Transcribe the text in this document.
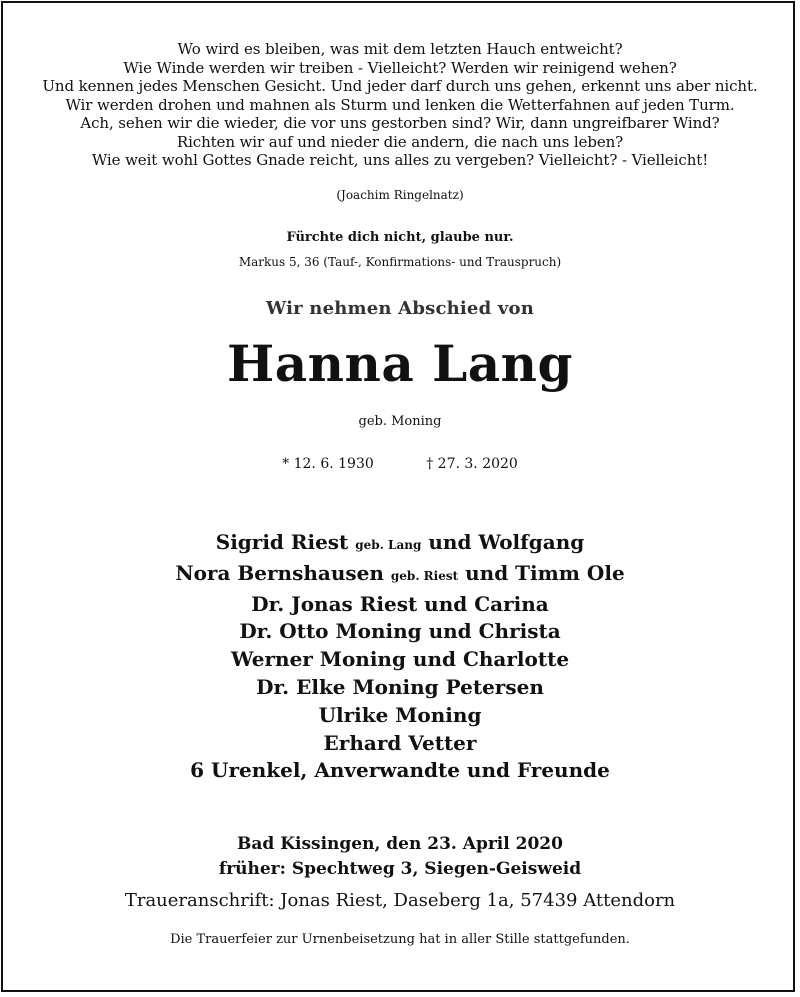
Wo wird es bleiben, was mit dem letzten Hauch entweicht?
Wie Winde werden wir treiben - Vielleicht? Werden wir reinigend wehen?
Und kennen jedes Menschen Gesicht. Und jeder darf durch uns gehen, erkennt uns aber nicht.
Wir werden drohen und mahnen als Sturm und lenken die Wetterfahnen auf jeden Turm.
Ach, sehen wir die wieder, die vor uns gestorben sind? Wir, dann ungreifbarer Wind?
Richten wir auf und nieder die andern, die nach uns leben?
Wie weit wohl Gottes Gnade reicht, uns alles zu vergeben? Vielleicht? - Vielleicht!
(Joachim Ringelnatz)
Fürchte dich nicht, glaube nur.
Markus 5, 36 (Tauf-, Konfirmations- und Trauspruch)
Wir nehmen Abschied von
Hanna Lang
geb. Moning
* 12. 6. 1930	† 27. 3. 2020
Sigrid Riest geb. Lang und Wolfgang
Nora Bernshausen geb. Riest und Timm Ole
Dr. Jonas Riest und Carina
Dr. Otto Moning und Christa
Werner Moning und Charlotte
Dr. Elke Moning Petersen
Ulrike Moning
Erhard Vetter
6 Urenkel, Anverwandte und Freunde
Bad Kissingen, den 23. April 2020
früher: Spechtweg 3, Siegen-Geisweid
Traueranschrift: Jonas Riest, Daseberg 1a, 57439 Attendorn
Die Trauerfeier zur Urnenbeisetzung hat in aller Stille stattgefunden.
